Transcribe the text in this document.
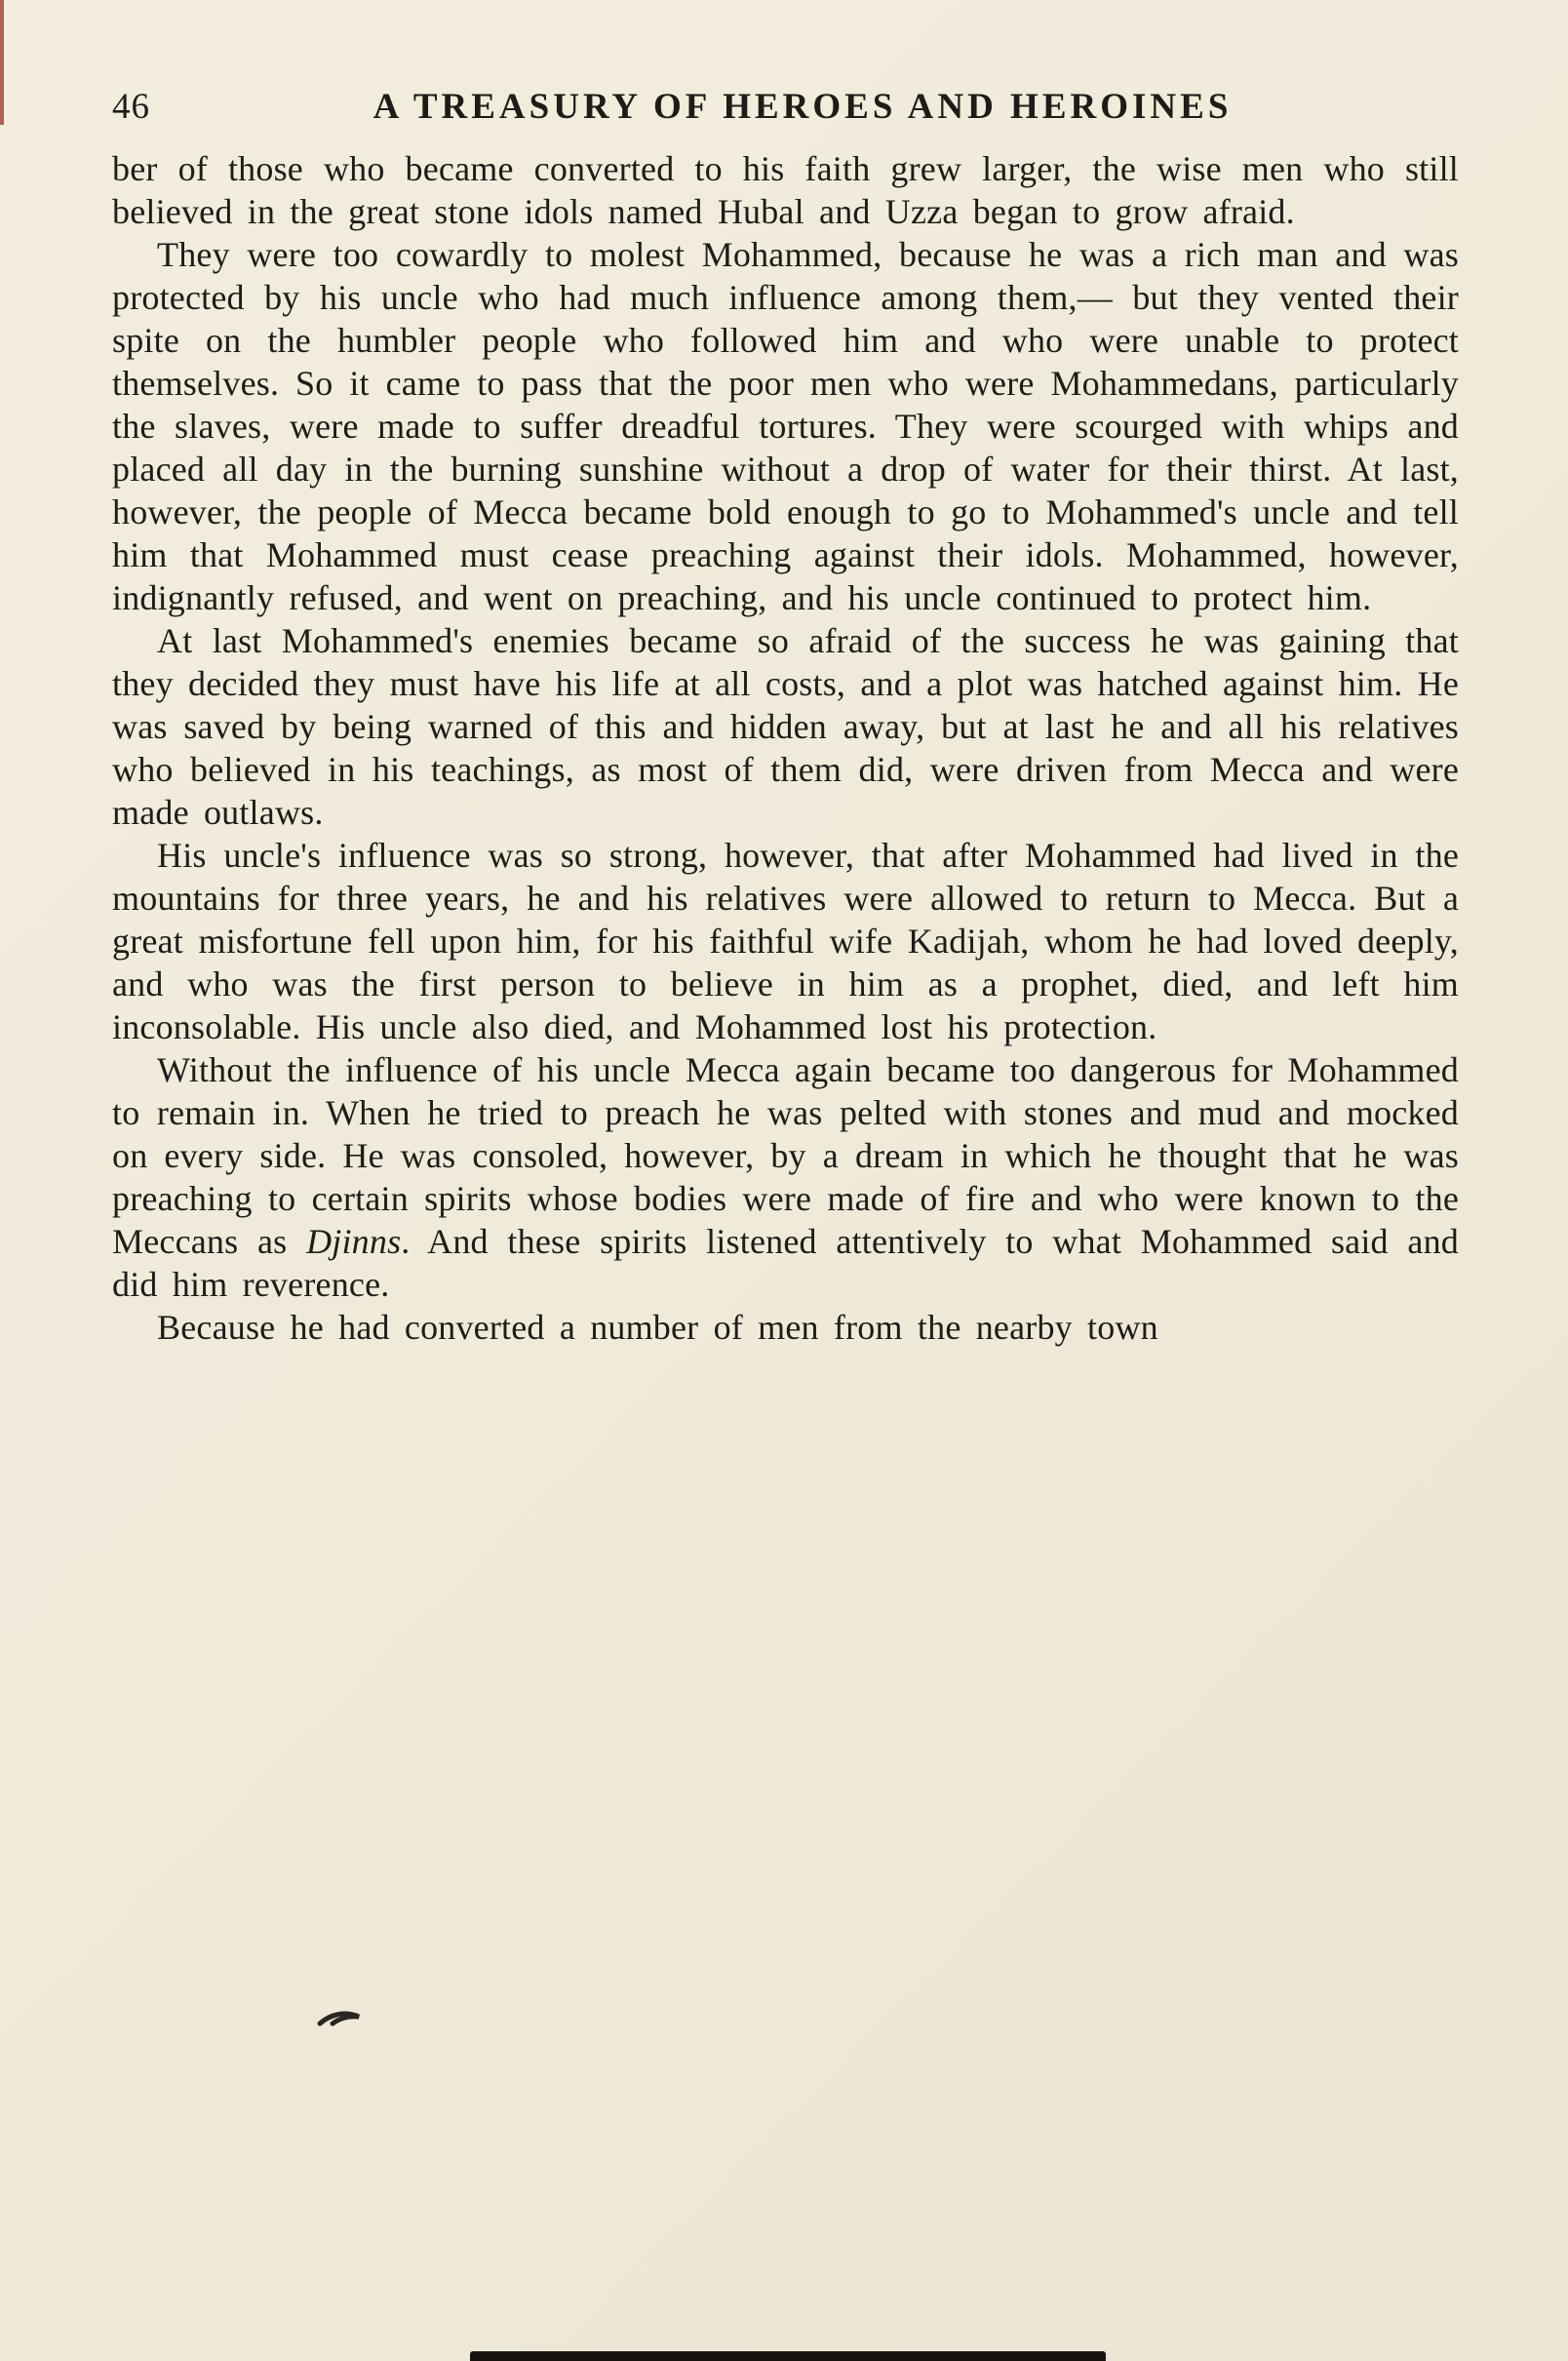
46	A TREASURY OF HEROES AND HEROINES

ber of those who became converted to his faith grew larger, the wise men who still believed in the great stone idols named Hubal and Uzza began to grow afraid.

They were too cowardly to molest Mohammed, because he was a rich man and was protected by his uncle who had much influence among them,— but they vented their spite on the humbler people who followed him and who were unable to protect themselves. So it came to pass that the poor men who were Mohammedans, particularly the slaves, were made to suffer dreadful tortures. They were scourged with whips and placed all day in the burning sunshine without a drop of water for their thirst. At last, however, the people of Mecca became bold enough to go to Mohammed's uncle and tell him that Mohammed must cease preaching against their idols. Mohammed, however, indignantly refused, and went on preaching, and his uncle continued to protect him.

At last Mohammed's enemies became so afraid of the success he was gaining that they decided they must have his life at all costs, and a plot was hatched against him. He was saved by being warned of this and hidden away, but at last he and all his relatives who believed in his teachings, as most of them did, were driven from Mecca and were made outlaws.

His uncle's influence was so strong, however, that after Mohammed had lived in the mountains for three years, he and his relatives were allowed to return to Mecca. But a great misfortune fell upon him, for his faithful wife Kadijah, whom he had loved deeply, and who was the first person to believe in him as a prophet, died, and left him inconsolable. His uncle also died, and Mohammed lost his protection.

Without the influence of his uncle Mecca again became too dangerous for Mohammed to remain in. When he tried to preach he was pelted with stones and mud and mocked on every side. He was consoled, however, by a dream in which he thought that he was preaching to certain spirits whose bodies were made of fire and who were known to the Meccans as Djinns. And these spirits listened attentively to what Mohammed said and did him reverence.

Because he had converted a number of men from the nearby town
